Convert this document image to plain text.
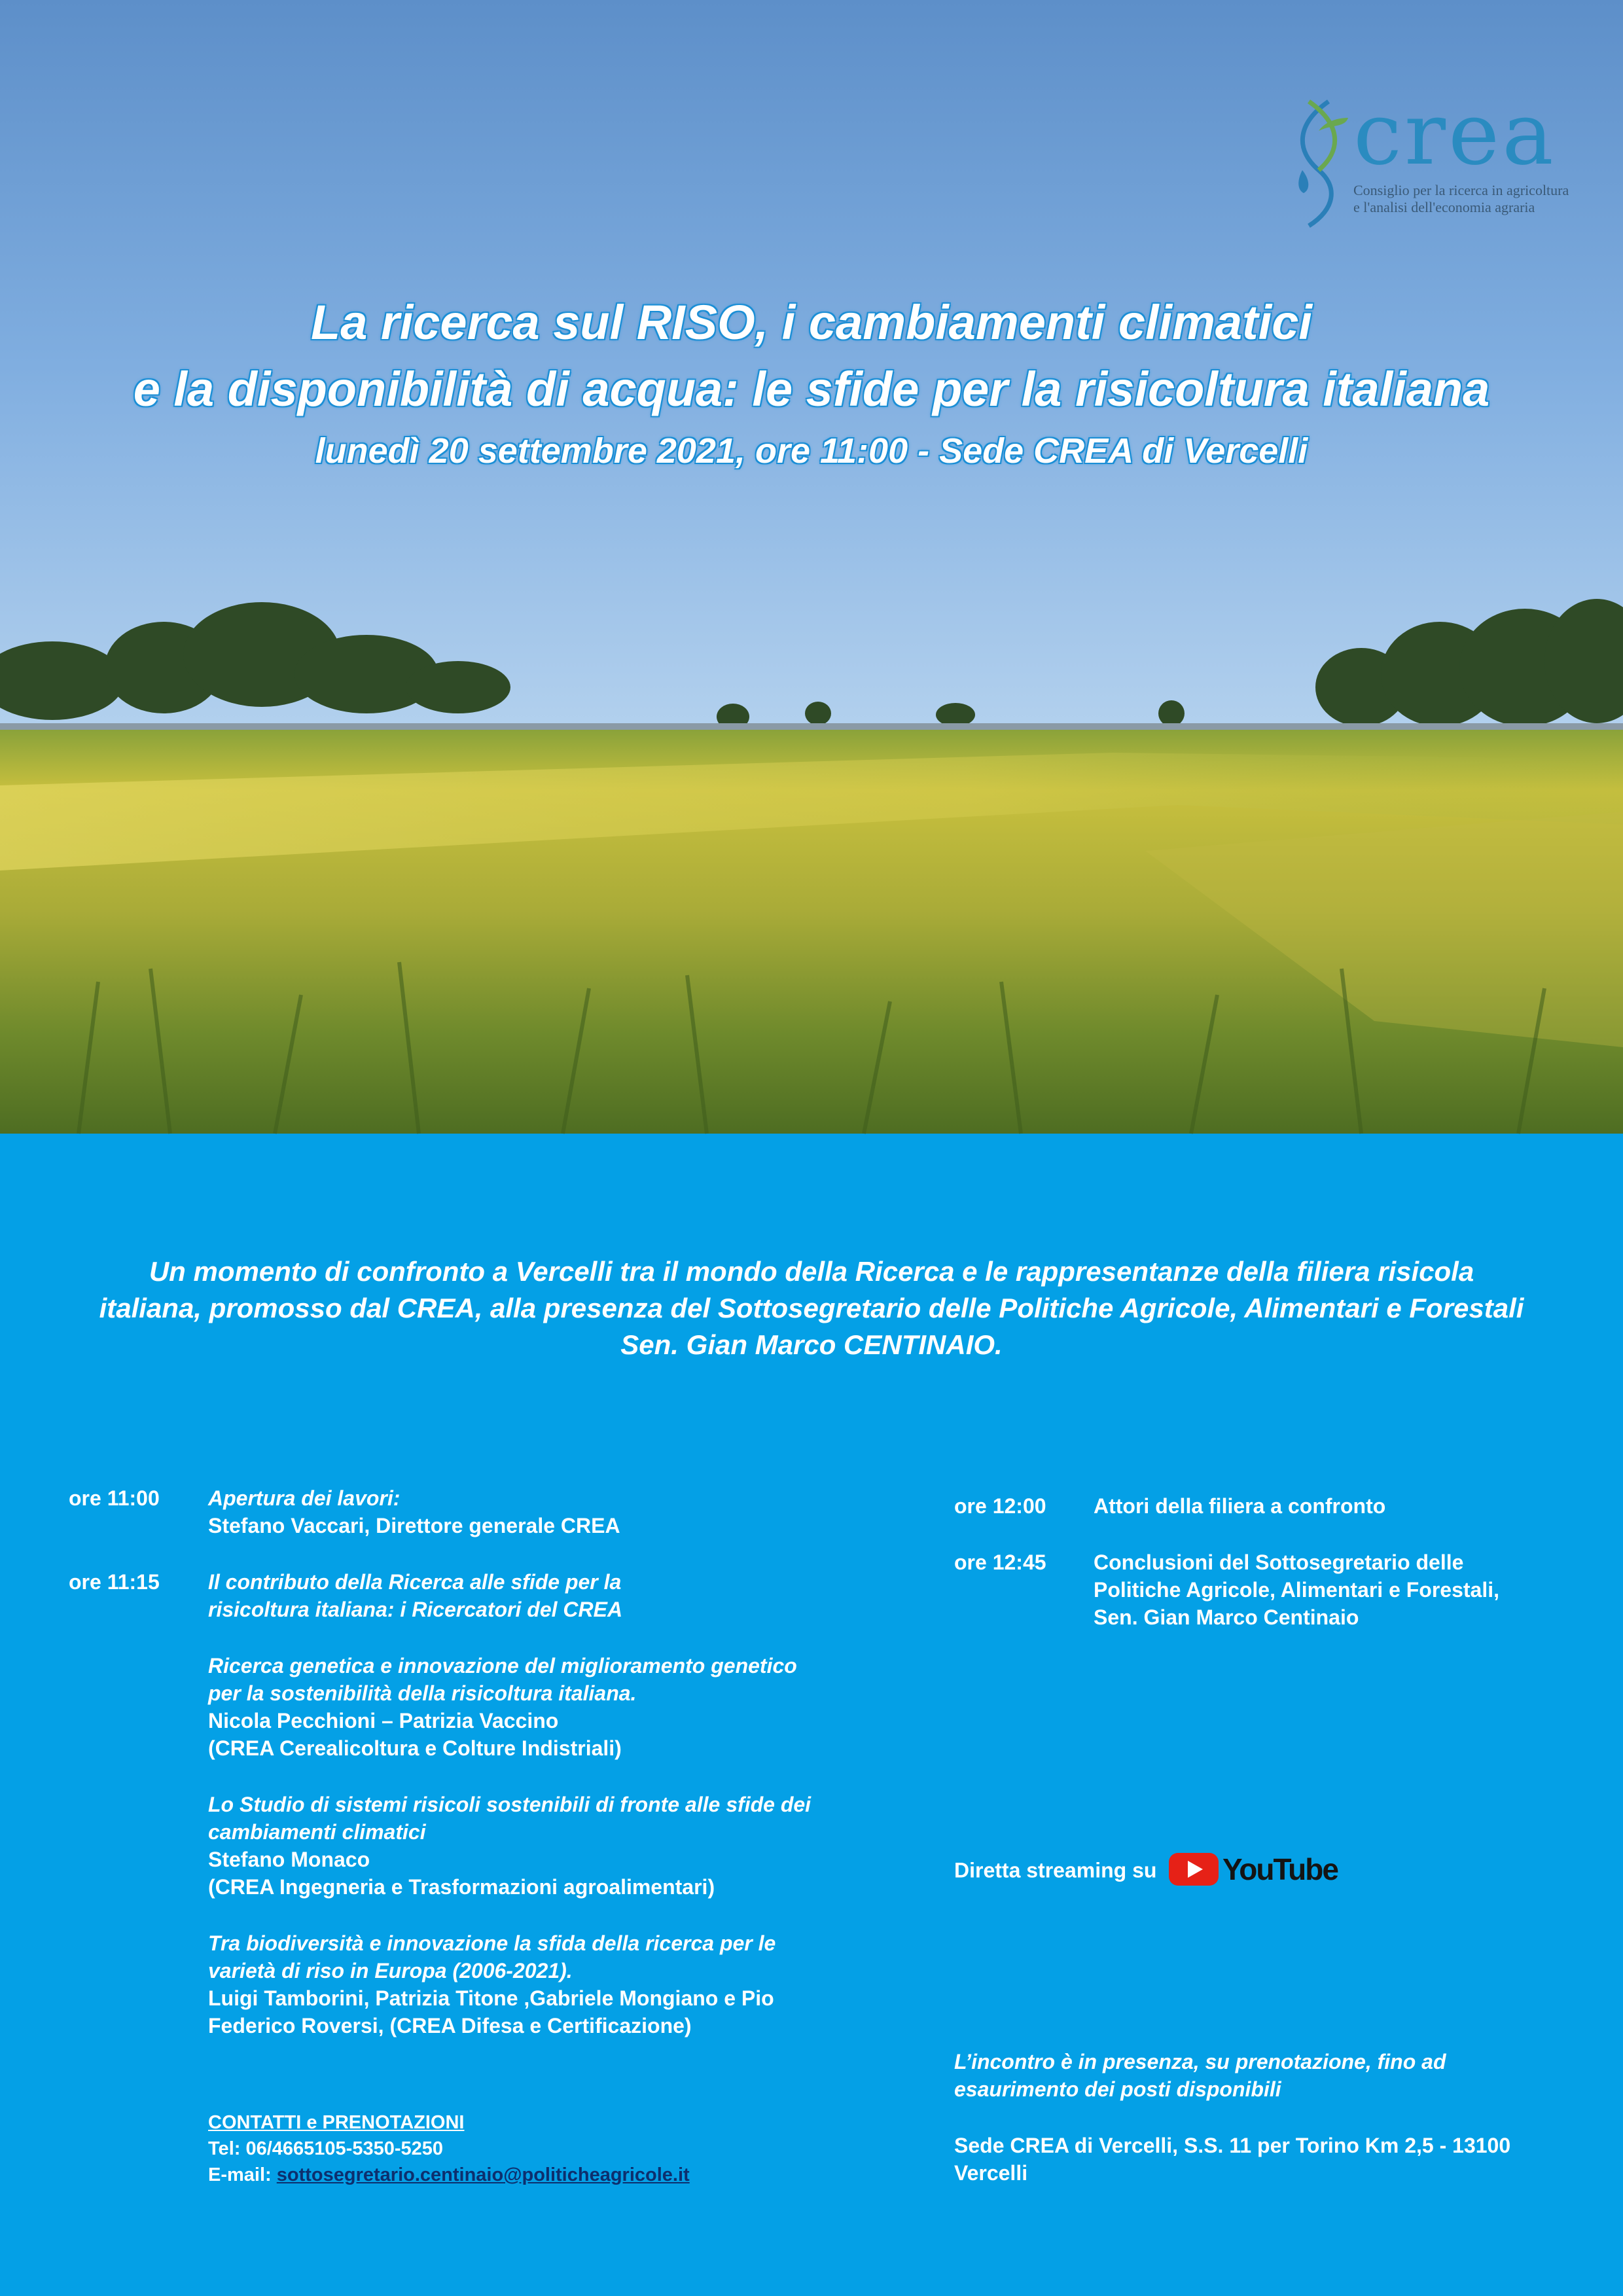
crea
Consiglio per la ricerca in agricoltura
e l'analisi dell'economia agraria
La ricerca sul RISO, i cambiamenti climatici
e la disponibilità di acqua: le sfide per la risicoltura italiana
lunedì 20 settembre 2021, ore 11:00 - Sede CREA di Vercelli
Un momento di confronto a Vercelli tra il mondo della Ricerca e le rappresentanze della filiera risicola
italiana, promosso dal CREA, alla presenza del Sottosegretario delle Politiche Agricole, Alimentari e Forestali
Sen. Gian Marco CENTINAIO.
ore 11:00 Apertura dei lavori:
Stefano Vaccari, Direttore generale CREA
ore 11:15 Il contributo della Ricerca alle sfide per la
risicoltura italiana: i Ricercatori del CREA
Ricerca genetica e innovazione del miglioramento genetico
per la sostenibilità della risicoltura italiana.
Nicola Pecchioni – Patrizia Vaccino
(CREA Cerealicoltura e Colture Indistriali)
Lo Studio di sistemi risicoli sostenibili di fronte alle sfide dei
cambiamenti climatici
Stefano Monaco
(CREA Ingegneria e Trasformazioni agroalimentari)
Tra biodiversità e innovazione la sfida della ricerca per le
varietà di riso in Europa (2006-2021).
Luigi Tamborini, Patrizia Titone ,Gabriele Mongiano e Pio
Federico Roversi, (CREA Difesa e Certificazione)
CONTATTI e PRENOTAZIONI
Tel: 06/4665105-5350-5250
E-mail: sottosegretario.centinaio@politicheagricole.it
ore 12:00 Attori della filiera a confronto
ore 12:45 Conclusioni del Sottosegretario delle
Politiche Agricole, Alimentari e Forestali,
Sen. Gian Marco Centinaio
Diretta streaming su YouTube
L’incontro è in presenza, su prenotazione, fino ad
esaurimento dei posti disponibili
Sede CREA di Vercelli, S.S. 11 per Torino Km 2,5 - 13100
Vercelli
